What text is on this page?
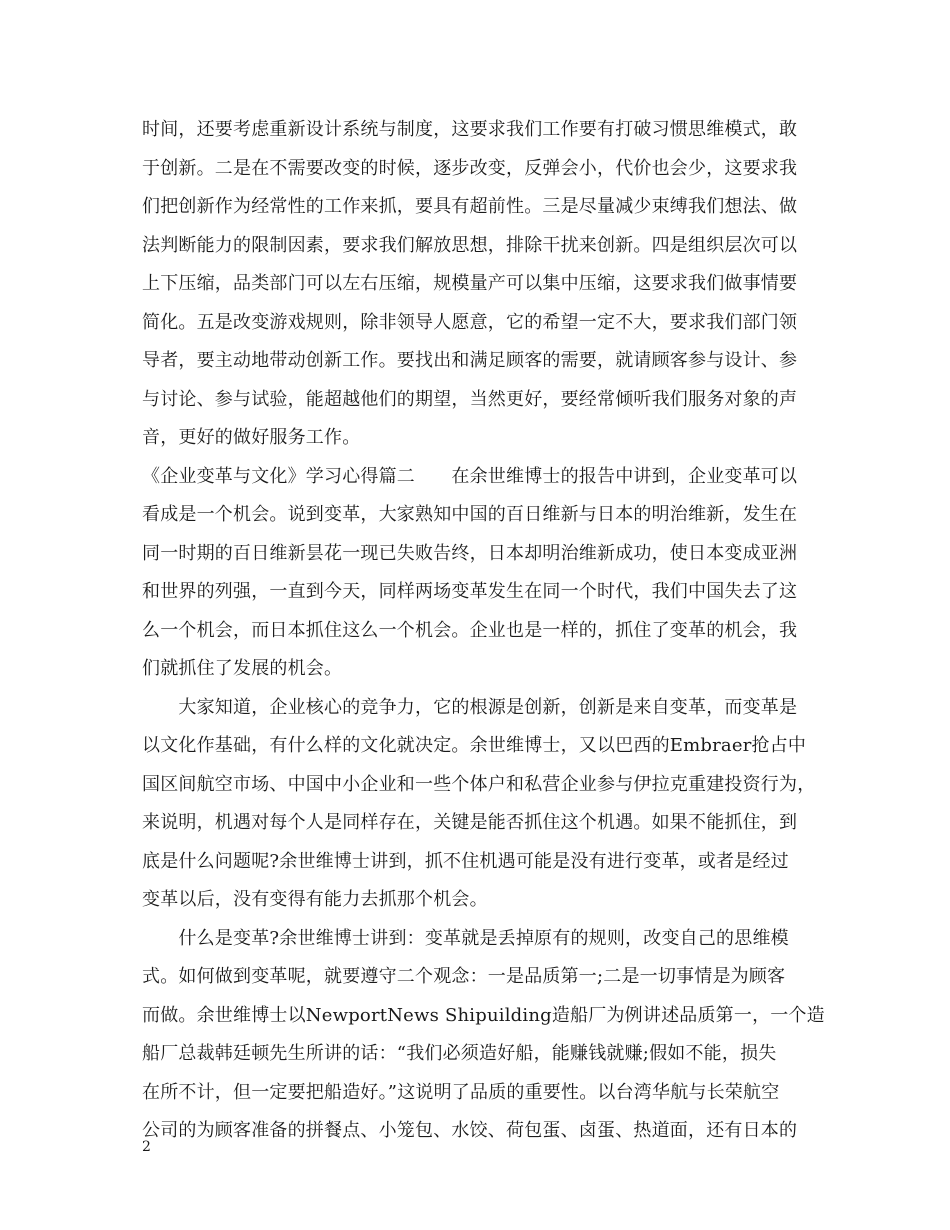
时间，还要考虑重新设计系统与制度，这要求我们工作要有打破习惯思维模式，敢
于创新。二是在不需要改变的时候，逐步改变，反弹会小，代价也会少，这要求我
们把创新作为经常性的工作来抓，要具有超前性。三是尽量减少束缚我们想法、做
法判断能力的限制因素，要求我们解放思想，排除干扰来创新。四是组织层次可以
上下压缩，品类部门可以左右压缩，规模量产可以集中压缩，这要求我们做事情要
简化。五是改变游戏规则，除非领导人愿意，它的希望一定不大，要求我们部门领
导者，要主动地带动创新工作。要找出和满足顾客的需要，就请顾客参与设计、参
与讨论、参与试验，能超越他们的期望，当然更好，要经常倾听我们服务对象的声
音，更好的做好服务工作。
《企业变革与文化》学习心得篇二　　在余世维博士的报告中讲到，企业变革可以
看成是一个机会。说到变革，大家熟知中国的百日维新与日本的明治维新，发生在
同一时期的百日维新昙花一现已失败告终，日本却明治维新成功，使日本变成亚洲
和世界的列强，一直到今天，同样两场变革发生在同一个时代，我们中国失去了这
么一个机会，而日本抓住这么一个机会。企业也是一样的，抓住了变革的机会，我
们就抓住了发展的机会。
　　大家知道，企业核心的竞争力，它的根源是创新，创新是来自变革，而变革是
以文化作基础，有什么样的文化就决定。余世维博士，又以巴西的Embraer抢占中
国区间航空市场、中国中小企业和一些个体户和私营企业参与伊拉克重建投资行为，
来说明，机遇对每个人是同样存在，关键是能否抓住这个机遇。如果不能抓住，到
底是什么问题呢?余世维博士讲到，抓不住机遇可能是没有进行变革，或者是经过
变革以后，没有变得有能力去抓那个机会。
　　什么是变革?余世维博士讲到：变革就是丢掉原有的规则，改变自己的思维模
式。如何做到变革呢，就要遵守二个观念：一是品质第一;二是一切事情是为顾客
而做。余世维博士以NewportNews Shipuilding造船厂为例讲述品质第一，一个造
船厂总裁韩廷顿先生所讲的话：“我们必须造好船，能赚钱就赚;假如不能，损失
在所不计，但一定要把船造好。”这说明了品质的重要性。以台湾华航与长荣航空
公司的为顾客准备的拼餐点、小笼包、水饺、荷包蛋、卤蛋、热道面，还有日本的
2
